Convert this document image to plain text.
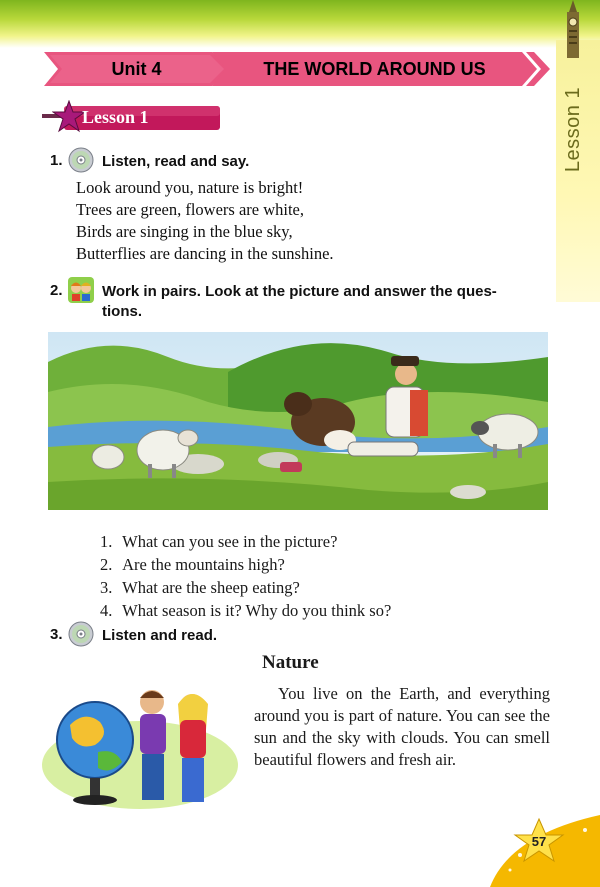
Lesson 1
Unit 4	THE WORLD AROUND US
Lesson 1
1.	Listen, read and say.
Look around you, nature is bright!
Trees are green, flowers are white,
Birds are singing in the blue sky,
Butterflies are dancing in the sunshine.
2.	Work in pairs. Look at the picture and answer the ques-
tions.
1.
What can you see in the picture?
2.
Are the mountains high?
3.
What are the sheep eating?
4.
What season is it? Why do you think so?
3.	Listen and read.
Nature

You live on the Earth, and everything around you is part of nature. You can see the sun and the sky with clouds. You can smell beautiful flowers and fresh air.

57
